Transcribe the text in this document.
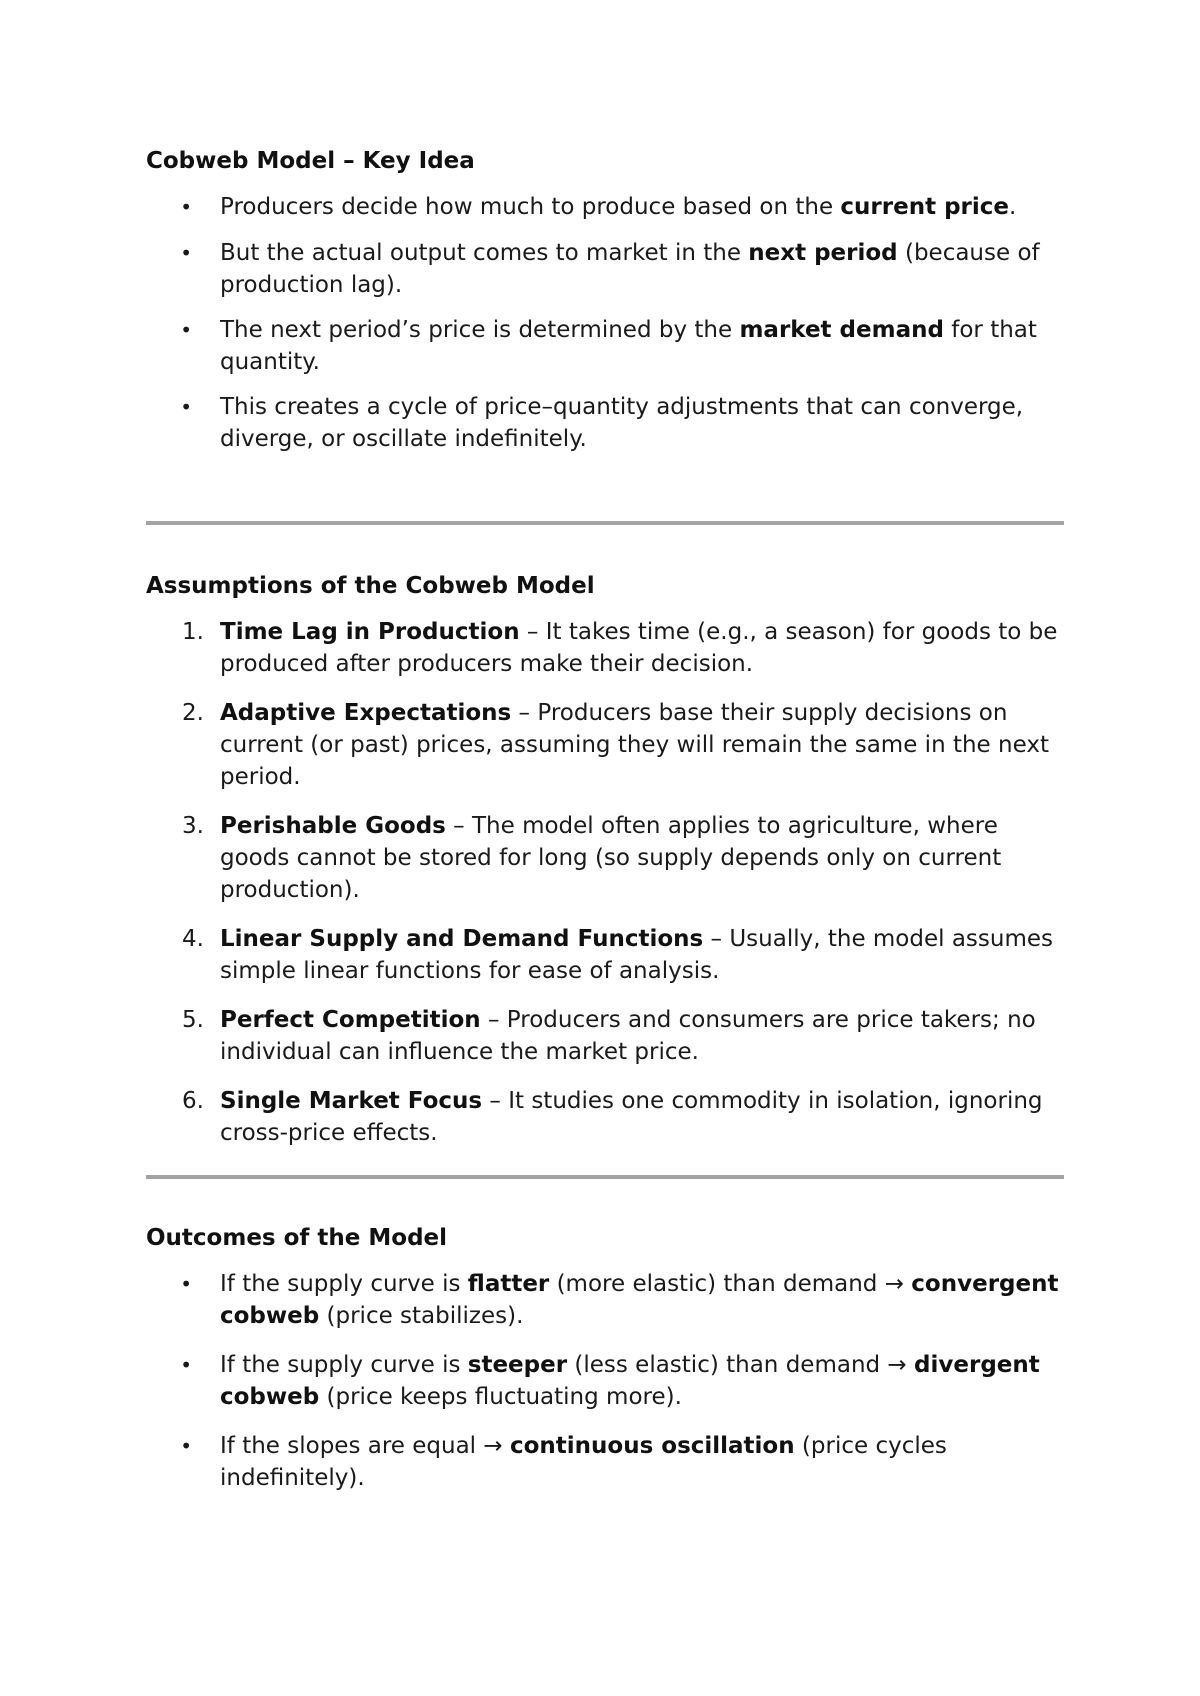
Cobweb Model – Key Idea
• Producers decide how much to produce based on the current price.
• But the actual output comes to market in the next period (because of production lag).
• The next period’s price is determined by the market demand for that quantity.
• This creates a cycle of price–quantity adjustments that can converge, diverge, or oscillate indefinitely.
Assumptions of the Cobweb Model
1. Time Lag in Production – It takes time (e.g., a season) for goods to be produced after producers make their decision.
2. Adaptive Expectations – Producers base their supply decisions on current (or past) prices, assuming they will remain the same in the next period.
3. Perishable Goods – The model often applies to agriculture, where goods cannot be stored for long (so supply depends only on current production).
4. Linear Supply and Demand Functions – Usually, the model assumes simple linear functions for ease of analysis.
5. Perfect Competition – Producers and consumers are price takers; no individual can influence the market price.
6. Single Market Focus – It studies one commodity in isolation, ignoring cross-price effects.
Outcomes of the Model
• If the supply curve is flatter (more elastic) than demand → convergent cobweb (price stabilizes).
• If the supply curve is steeper (less elastic) than demand → divergent cobweb (price keeps fluctuating more).
• If the slopes are equal → continuous oscillation (price cycles indefinitely).
